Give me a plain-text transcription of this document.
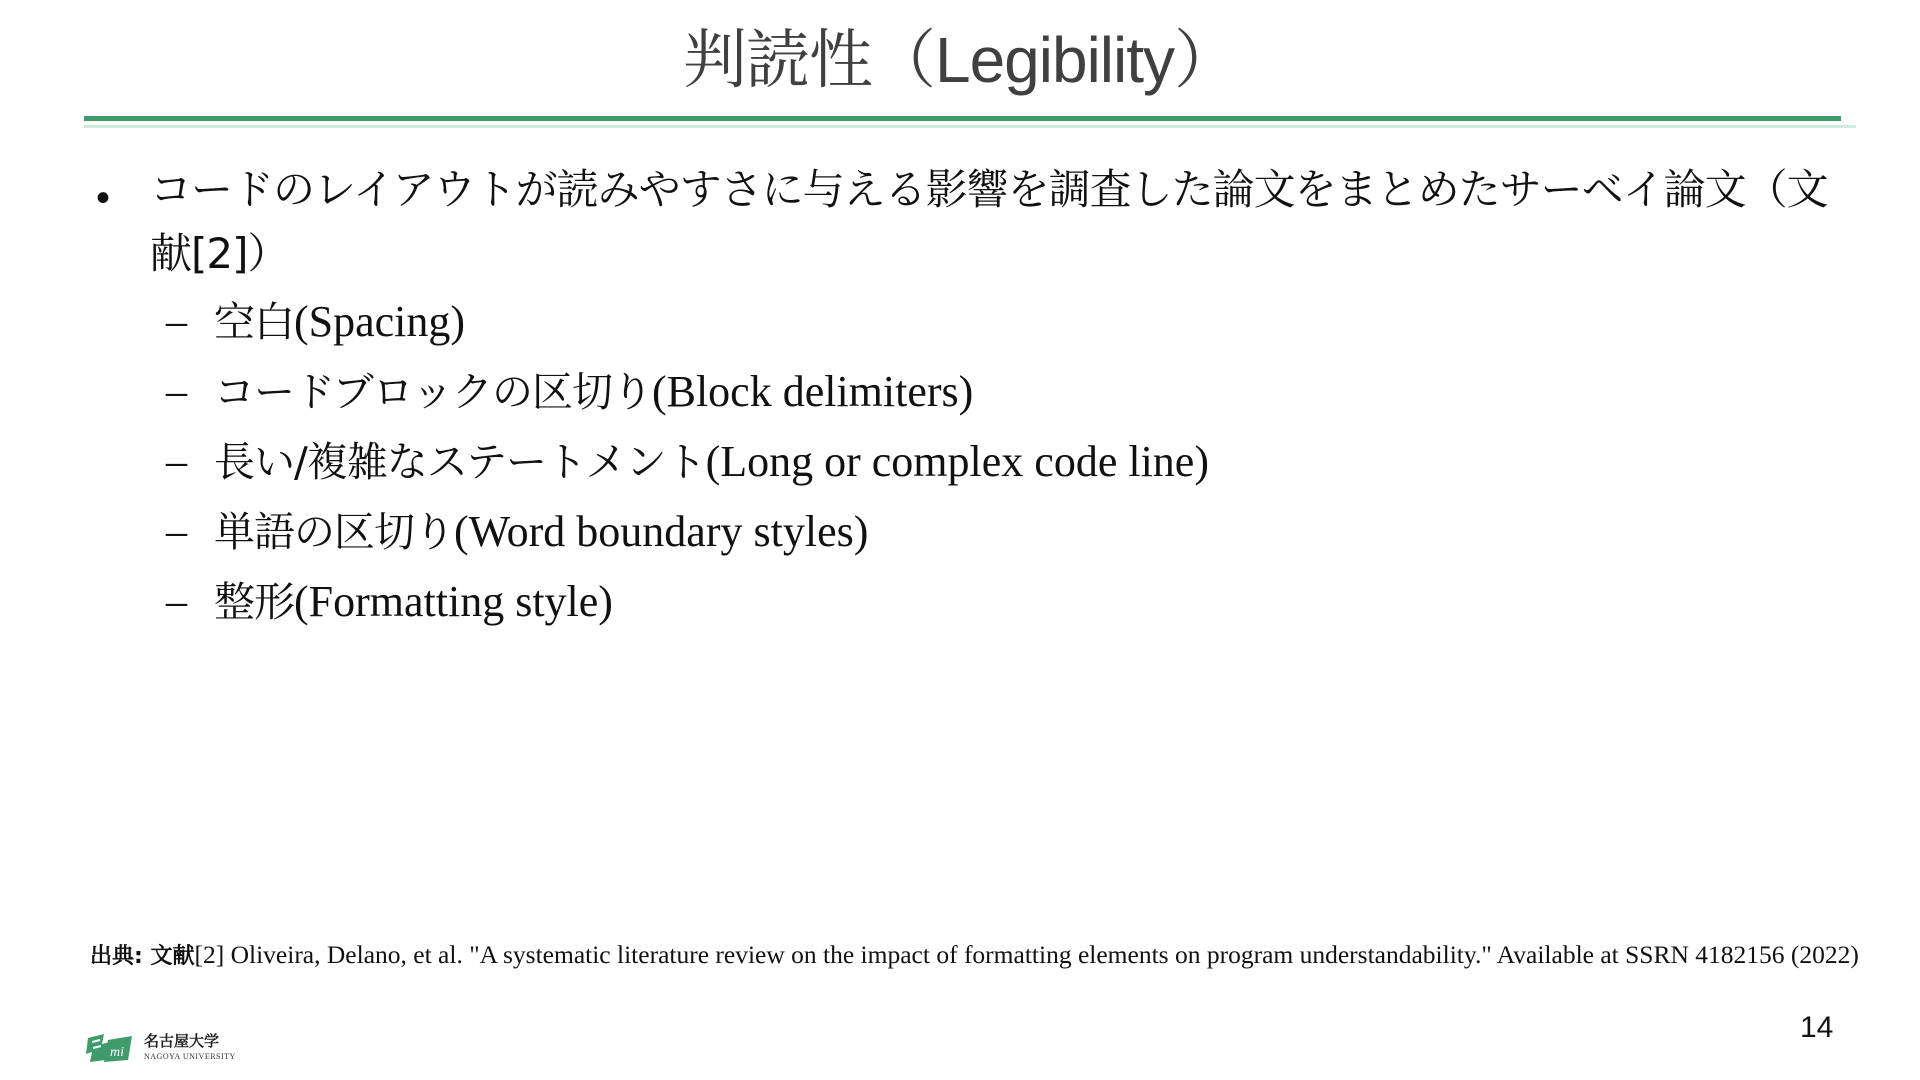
判読性（Legibility）
• コードのレイアウトが読みやすさに与える影響を調査した論文をまとめたサーベイ論文（文献[2]）
– 空白(Spacing)
– コードブロックの区切り(Block delimiters)
– 長い/複雑なステートメント(Long or complex code line)
– 単語の区切り(Word boundary styles)
– 整形(Formatting style)
出典: 文献[2] Oliveira, Delano, et al. "A systematic literature review on the impact of formatting elements on program understandability." Available at SSRN 4182156 (2022)
14
mi
名古屋大学
NAGOYA UNIVERSITY
